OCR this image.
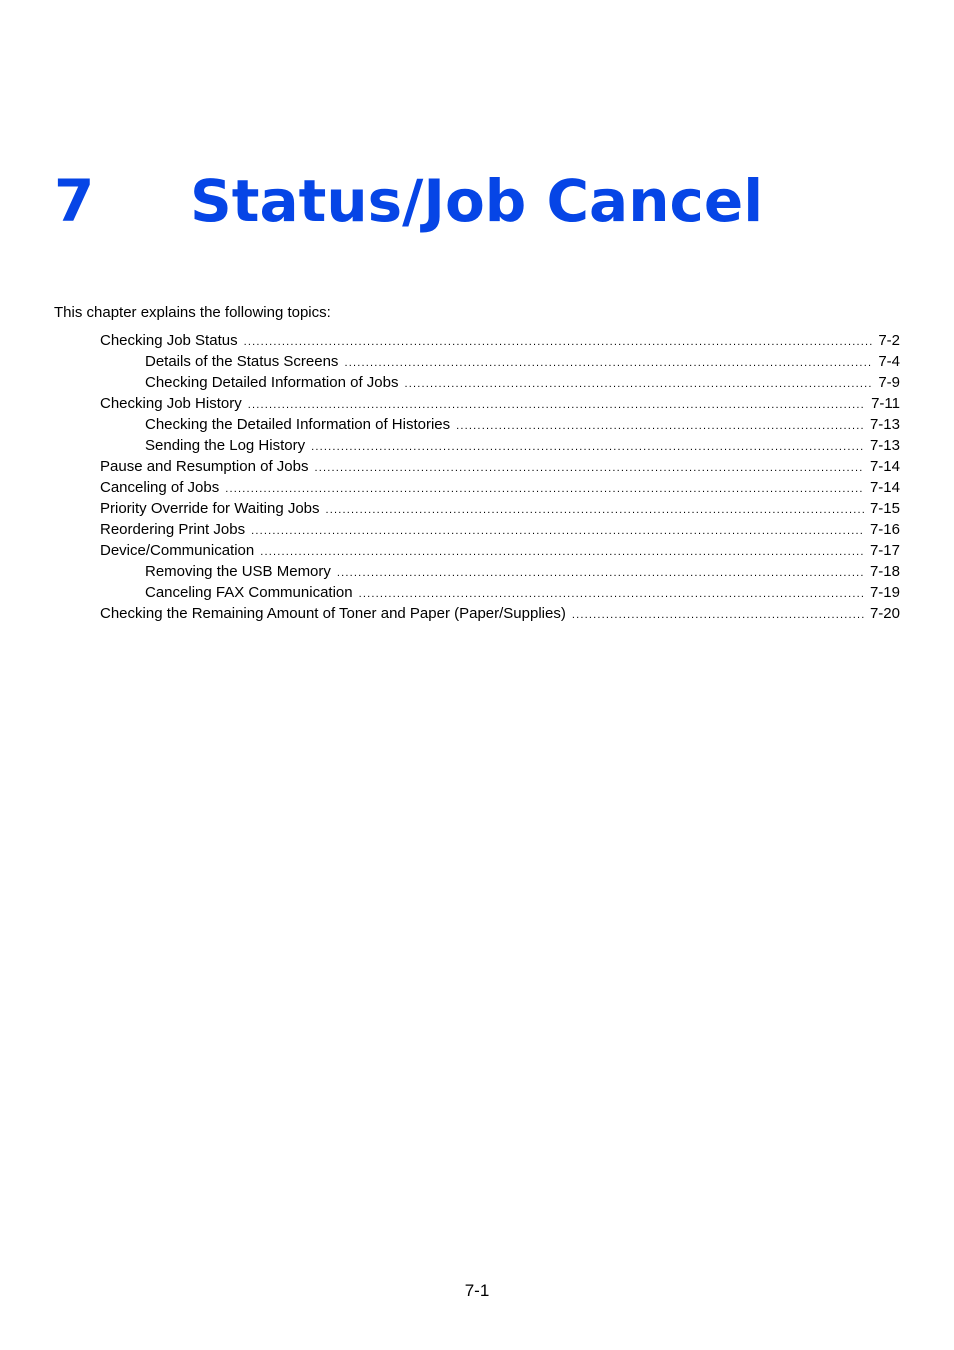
7 Status/Job Cancel
This chapter explains the following topics:
Checking Job Status .....	7-2
Details of the Status Screens .....	7-4
Checking Detailed Information of Jobs .....	7-9
Checking Job History .....	7-11
Checking the Detailed Information of Histories .....	7-13
Sending the Log History .....	7-13
Pause and Resumption of Jobs .....	7-14
Canceling of Jobs .....	7-14
Priority Override for Waiting Jobs .....	7-15
Reordering Print Jobs .....	7-16
Device/Communication .....	7-17
Removing the USB Memory .....	7-18
Canceling FAX Communication .....	7-19
Checking the Remaining Amount of Toner and Paper (Paper/Supplies) .....	7-20
7-1
